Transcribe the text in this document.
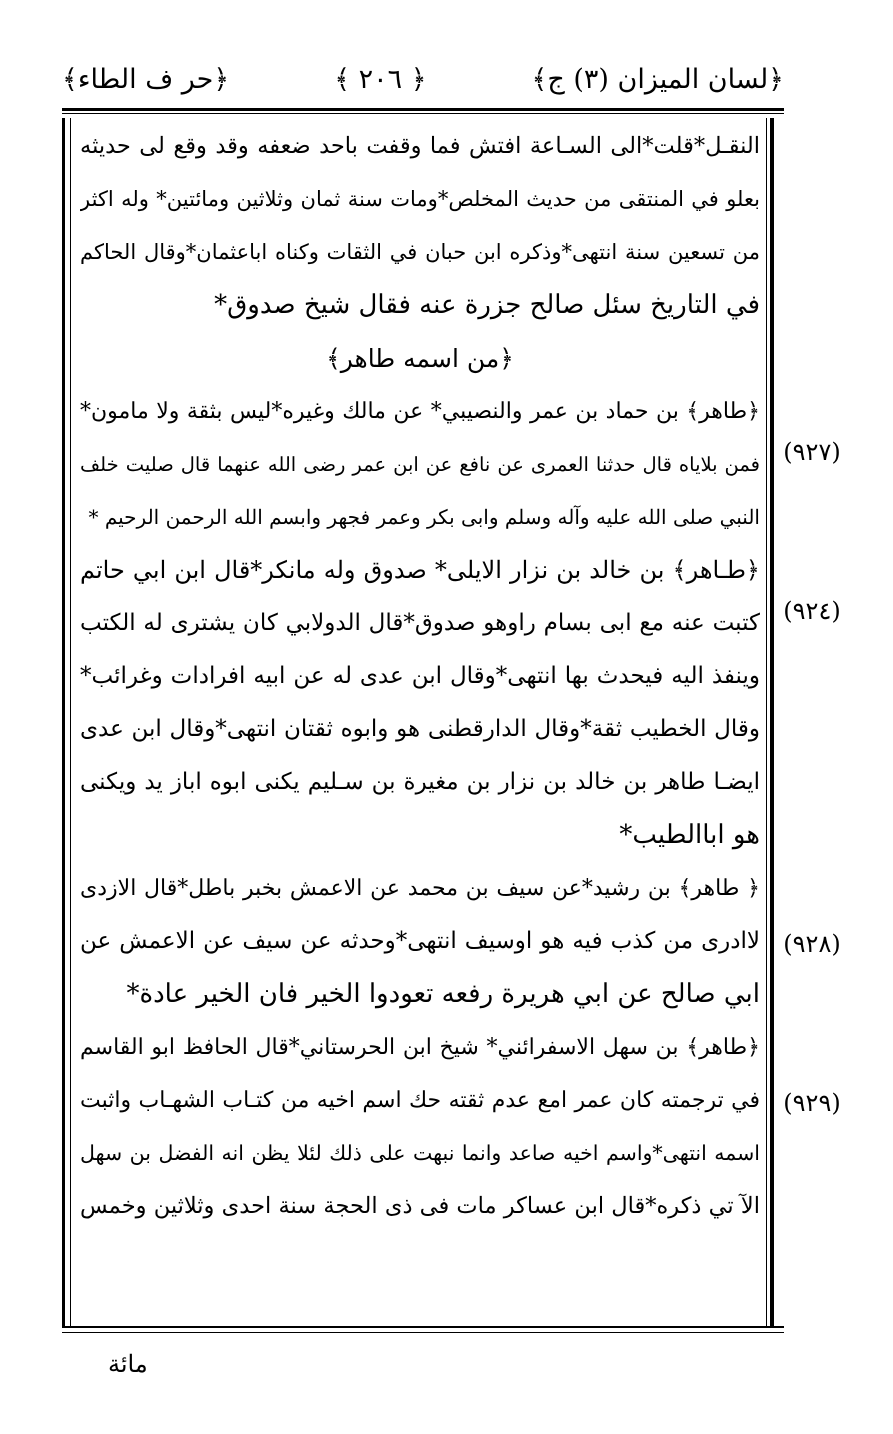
﴿لسان الميزان (٣) ج﴾
﴿ ٢٠٦ ﴾
﴿حر ف الطاء﴾
النقـل*قلت*الى السـاعة افتش فما وقفت باحد ضعفه وقد وقع لى حديثه
بعلو في المنتقى من حديث المخلص*ومات سنة ثمان وثلاثين ومائتين* وله اكثر
من تسعين سنة انتهى*وذكره ابن حبان في الثقات وكناه اباعثمان*وقال الحاكم
في التاريخ سئل صالح جزرة عنه فقال شيخ صدوق*
﴿من اسمه طاهر﴾
﴿طاهر﴾ بن حماد بن عمر والنصيبي* عن مالك وغيره*ليس بثقة ولا مامون*
فمن بلاياه قال حدثنا العمرى عن نافع عن ابن عمر رضى الله عنهما قال صليت خلف
النبي صلى الله عليه وآله وسلم وابى بكر وعمر فجهر وابسم الله الرحمن الرحيم *
﴿طـاهر﴾ بن خالد بن نزار الايلى* صدوق وله مانكر*قال ابن ابي حاتم
كتبت عنه مع ابى بسام راوهو صدوق*قال الدولابي كان يشترى له الكتب
وينفذ اليه فيحدث بها انتهى*وقال ابن عدى له عن ابيه افرادات وغرائب*
وقال الخطيب ثقة*وقال الدارقطنى هو وابوه ثقتان انتهى*وقال ابن عدى
ايضـا طاهر بن خالد بن نزار بن مغيرة بن سـليم يكنى ابوه اباز يد ويكنى
هو اباالطيب*
﴿ طاهر﴾ بن رشيد*عن سيف بن محمد عن الاعمش بخبر باطل*قال الازدى
لاادرى من كذب فيه هو اوسيف انتهى*وحدثه عن سيف عن الاعمش عن
ابي صالح عن ابي هريرة رفعه تعودوا الخير فان الخير عادة*
﴿طاهر﴾ بن سهل الاسفرائني* شيخ ابن الحرستاني*قال الحافظ ابو القاسم
في ترجمته كان عمر امع عدم ثقته حك اسم اخيه من كتـاب الشهـاب واثبت
اسمه انتهى*واسم اخيه صاعد وانما نبهت على ذلك لئلا يظن انه الفضل بن سهل
الآ تي ذكره*قال ابن عساكر مات فى ذى الحجة سنة احدى وثلاثين وخمس
(٩٢٧)
(٩٢٤)
(٩٢٨)
(٩٢٩)
مائة
